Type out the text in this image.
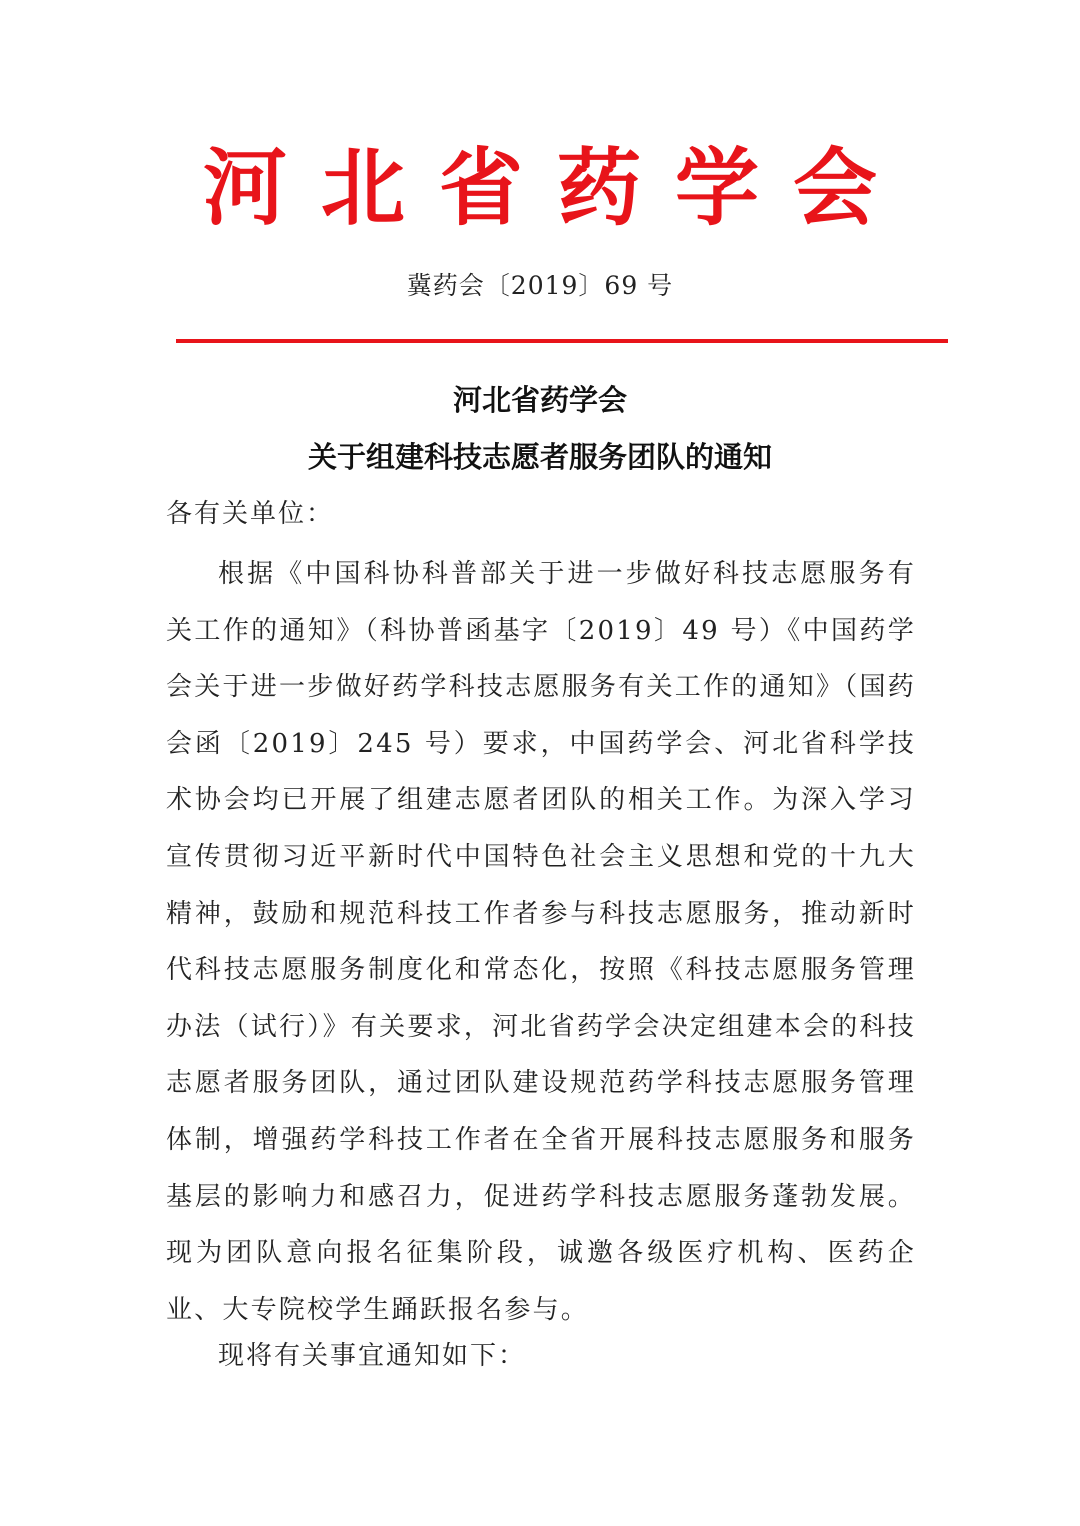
河北省药学会
冀药会〔2019〕69 号
河北省药学会
关于组建科技志愿者服务团队的通知
各有关单位：

根据《中国科协科普部关于进一步做好科技志愿服务有关工作的通知》（科协普函基字〔2019〕49 号）《中国药学会关于进一步做好药学科技志愿服务有关工作的通知》（国药会函〔2019〕245 号）要求，中国药学会、河北省科学技术协会均已开展了组建志愿者团队的相关工作。为深入学习宣传贯彻习近平新时代中国特色社会主义思想和党的十九大精神，鼓励和规范科技工作者参与科技志愿服务，推动新时代科技志愿服务制度化和常态化，按照《科技志愿服务管理办法（试行）》有关要求，河北省药学会决定组建本会的科技志愿者服务团队，通过团队建设规范药学科技志愿服务管理体制，增强药学科技工作者在全省开展科技志愿服务和服务基层的影响力和感召力，促进药学科技志愿服务蓬勃发展。现为团队意向报名征集阶段，诚邀各级医疗机构、医药企业、大专院校学生踊跃报名参与。

现将有关事宜通知如下：
